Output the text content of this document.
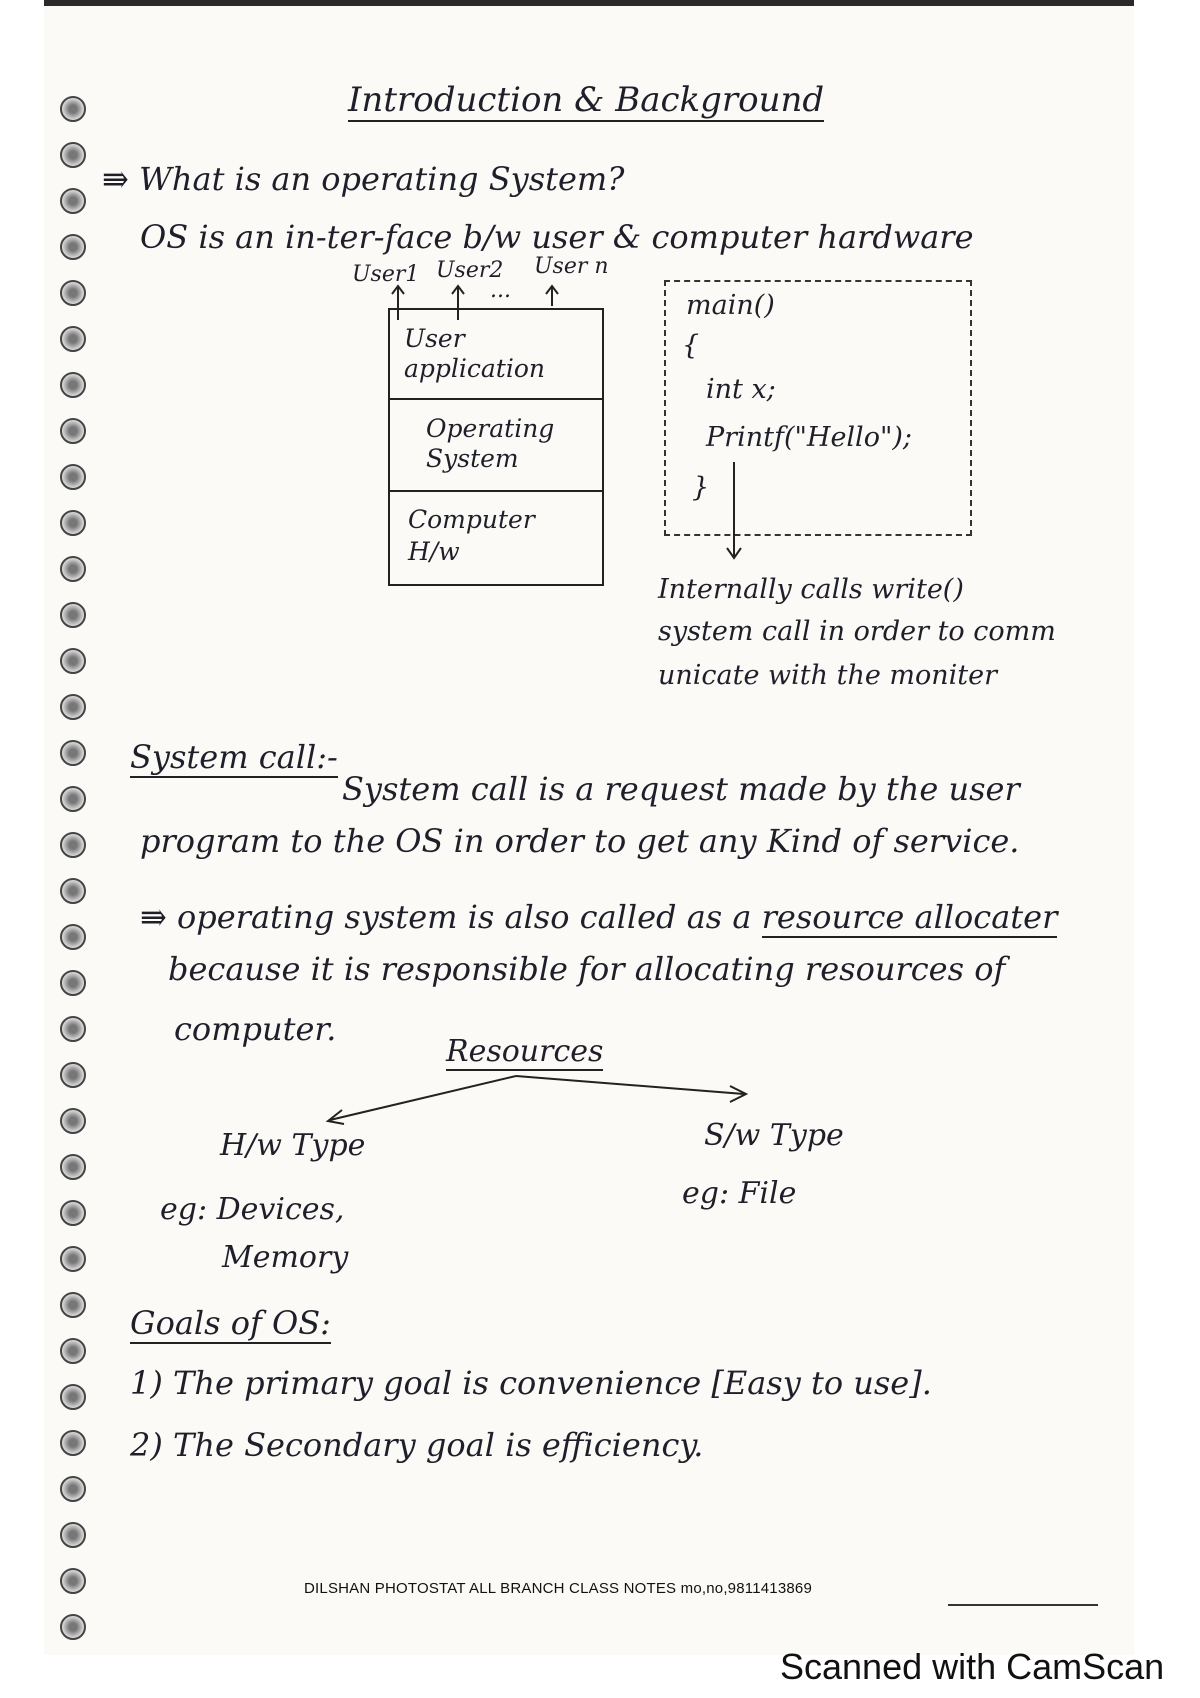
Introduction & Background
⇛ What is an operating System?
OS is an in-ter-face b/w user & computer hardware
User1 User2
...
User n
User application
Operating System
Computer H/w
main()
{
int x;
Printf("Hello");
}
Internally calls write()
system call in order to comm
unicate with the moniter
System call:-
System call is a request made by the user
program to the OS in order to get any Kind of service.
⇛ operating system is also called as a resource allocater
because it is responsible for allocating resources of
computer.
Resources
H/w Type
eg: Devices,
Memory
S/w Type
eg: File
Goals of OS:
1) The primary goal is convenience [Easy to use].
2) The Secondary goal is efficiency.
DILSHAN PHOTOSTAT ALL BRANCH CLASS NOTES mo,no,9811413869
Scanned with CamScan
